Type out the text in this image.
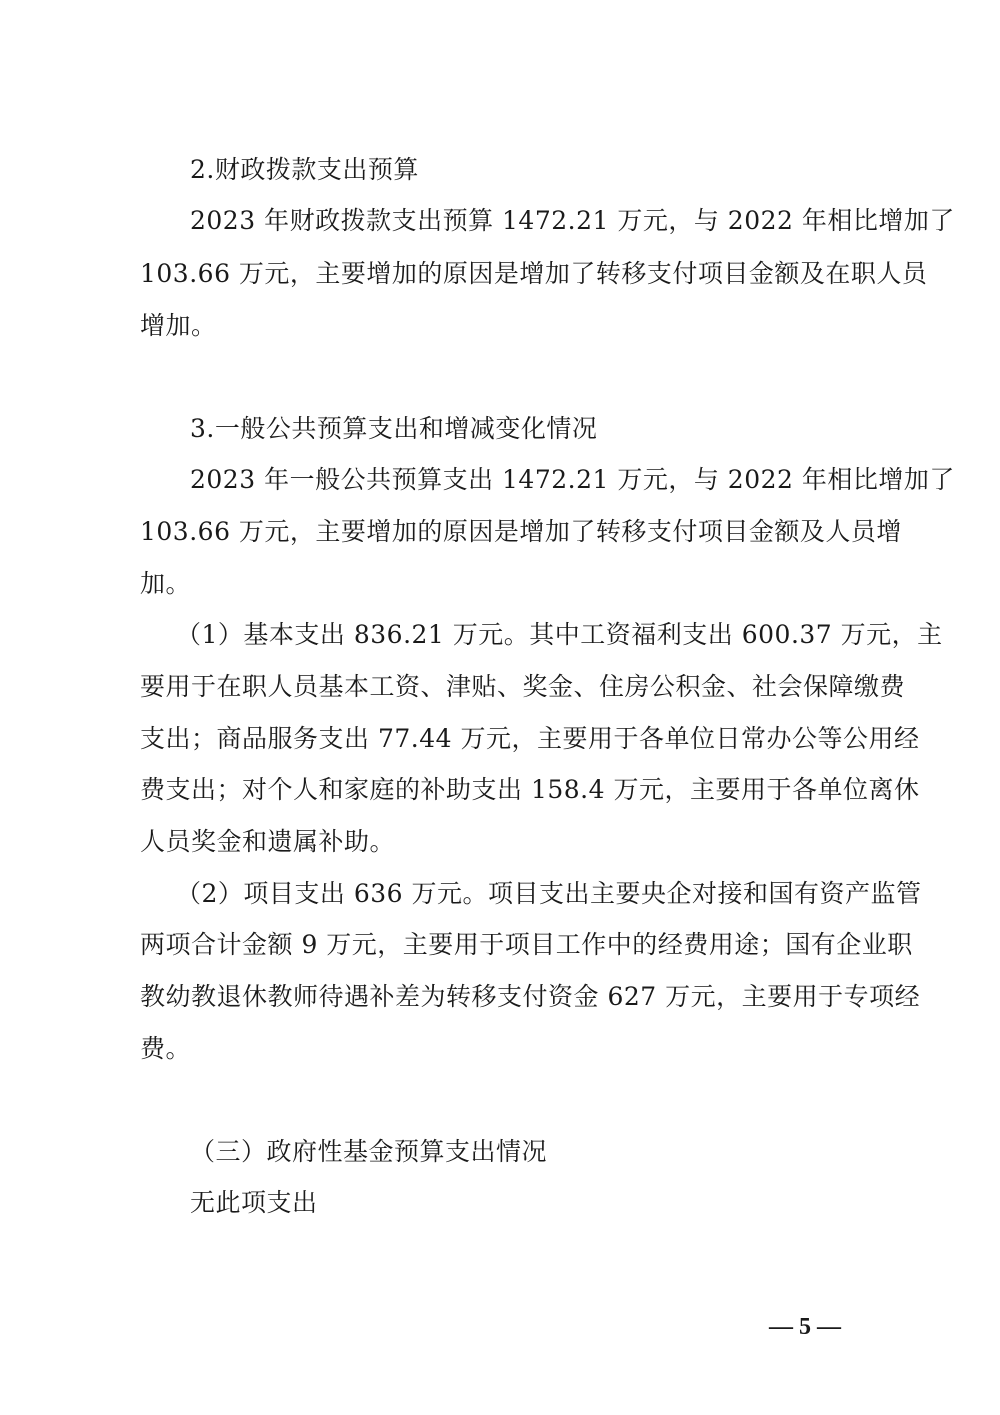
2.财政拨款支出预算
2023 年财政拨款支出预算 1472.21 万元，与 2022 年相比增加了
103.66 万元，主要增加的原因是增加了转移支付项目金额及在职人员
增加。
3.一般公共预算支出和增减变化情况
2023 年一般公共预算支出 1472.21 万元，与 2022 年相比增加了
103.66 万元，主要增加的原因是增加了转移支付项目金额及人员增
加。
（1）基本支出 836.21 万元。其中工资福利支出 600.37 万元，主
要用于在职人员基本工资、津贴、奖金、住房公积金、社会保障缴费
支出；商品服务支出 77.44 万元，主要用于各单位日常办公等公用经
费支出；对个人和家庭的补助支出 158.4 万元，主要用于各单位离休
人员奖金和遗属补助。
（2）项目支出 636 万元。项目支出主要央企对接和国有资产监管
两项合计金额 9 万元，主要用于项目工作中的经费用途；国有企业职
教幼教退休教师待遇补差为转移支付资金 627 万元，主要用于专项经
费。
（三）政府性基金预算支出情况
无此项支出
— 5 —
